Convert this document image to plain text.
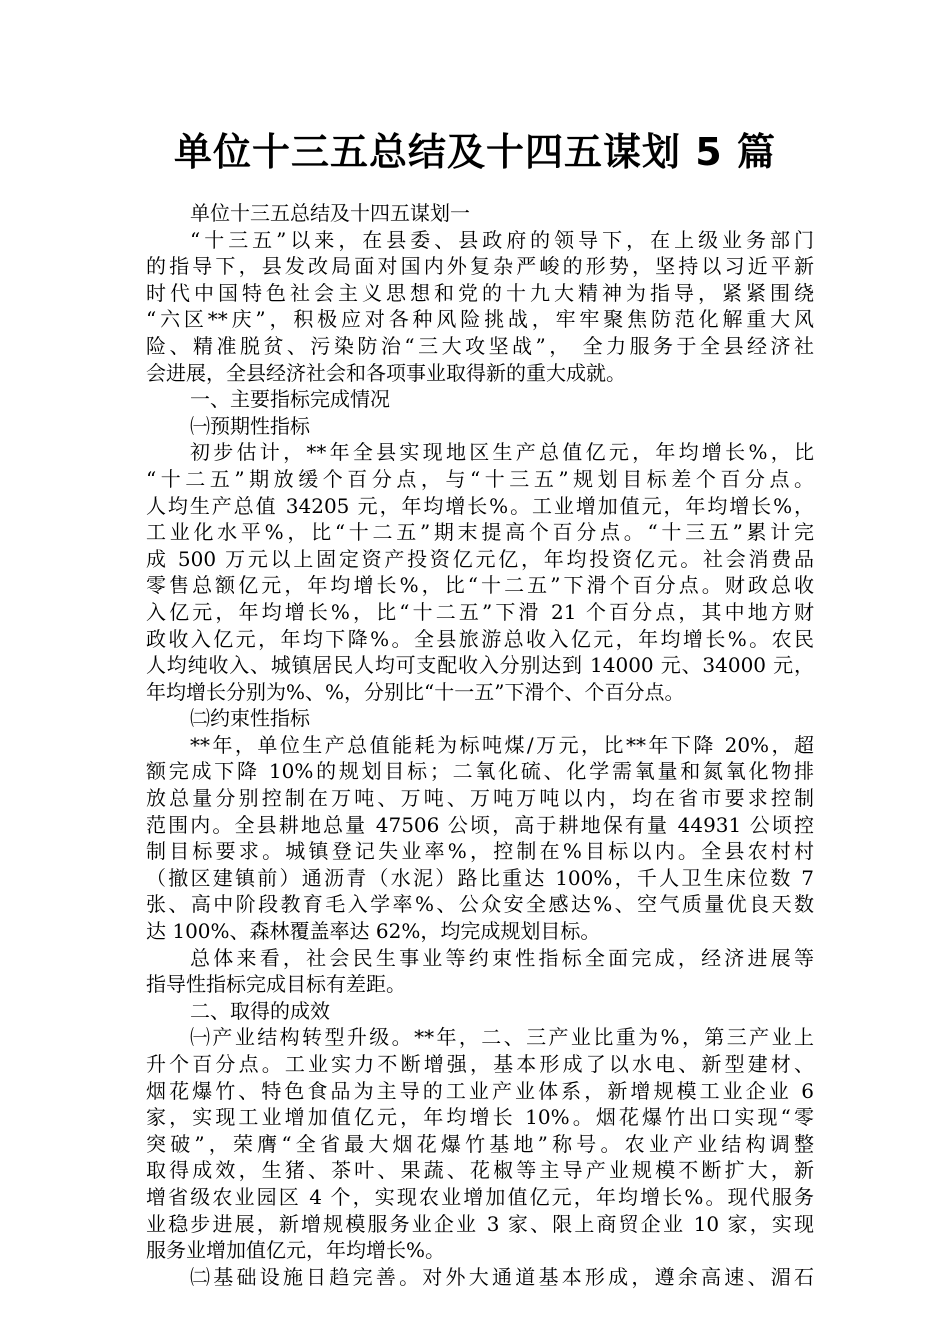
单位十三五总结及十四五谋划 5 篇
单位十三五总结及十四五谋划一
“十三五”以来，在县委、县政府的领导下，在上级业务部门
的指导下，县发改局面对国内外复杂严峻的形势，坚持以习近平新
时代中国特色社会主义思想和党的十九大精神为指导，紧紧围绕
“六区**庆”，积极应对各种风险挑战，牢牢聚焦防范化解重大风
险、精准脱贫、污染防治“三大攻坚战”， 全力服务于全县经济社
会进展，全县经济社会和各项事业取得新的重大成就。
一、主要指标完成情况
㈠预期性指标
初步估计，**年全县实现地区生产总值亿元，年均增长%，比
“十二五”期放缓个百分点，与“十三五”规划目标差个百分点。
人均生产总值 34205 元，年均增长%。工业增加值元，年均增长%，
工业化水平%，比“十二五”期末提高个百分点。“十三五”累计完
成 500 万元以上固定资产投资亿元亿，年均投资亿元。社会消费品
零售总额亿元，年均增长%，比“十二五”下滑个百分点。财政总收
入亿元，年均增长%，比“十二五”下滑 21 个百分点，其中地方财
政收入亿元，年均下降%。全县旅游总收入亿元，年均增长%。农民
人均纯收入、城镇居民人均可支配收入分别达到 14000 元、34000 元，
年均增长分别为%、%，分别比“十一五”下滑个、个百分点。
㈡约束性指标
**年，单位生产总值能耗为标吨煤/万元，比**年下降 20%，超
额完成下降 10%的规划目标；二氧化硫、化学需氧量和氮氧化物排
放总量分别控制在万吨、万吨、万吨万吨以内，均在省市要求控制
范围内。全县耕地总量 47506 公顷，高于耕地保有量 44931 公顷控
制目标要求。城镇登记失业率%，控制在%目标以内。全县农村村
（撤区建镇前）通沥青（水泥）路比重达 100%，千人卫生床位数 7
张、高中阶段教育毛入学率%、公众安全感达%、空气质量优良天数
达 100%、森林覆盖率达 62%，均完成规划目标。
总体来看，社会民生事业等约束性指标全面完成，经济进展等
指导性指标完成目标有差距。
二、取得的成效
㈠产业结构转型升级。**年，二、三产业比重为%，第三产业上
升个百分点。工业实力不断增强，基本形成了以水电、新型建材、
烟花爆竹、特色食品为主导的工业产业体系，新增规模工业企业 6
家，实现工业增加值亿元，年均增长 10%。烟花爆竹出口实现“零
突破”，荣膺“全省最大烟花爆竹基地”称号。农业产业结构调整
取得成效，生猪、茶叶、果蔬、花椒等主导产业规模不断扩大，新
增省级农业园区 4 个，实现农业增加值亿元，年均增长%。现代服务
业稳步进展，新增规模服务业企业 3 家、限上商贸企业 10 家，实现
服务业增加值亿元，年均增长%。
㈡基础设施日趋完善。对外大通道基本形成，遵余高速、湄石
